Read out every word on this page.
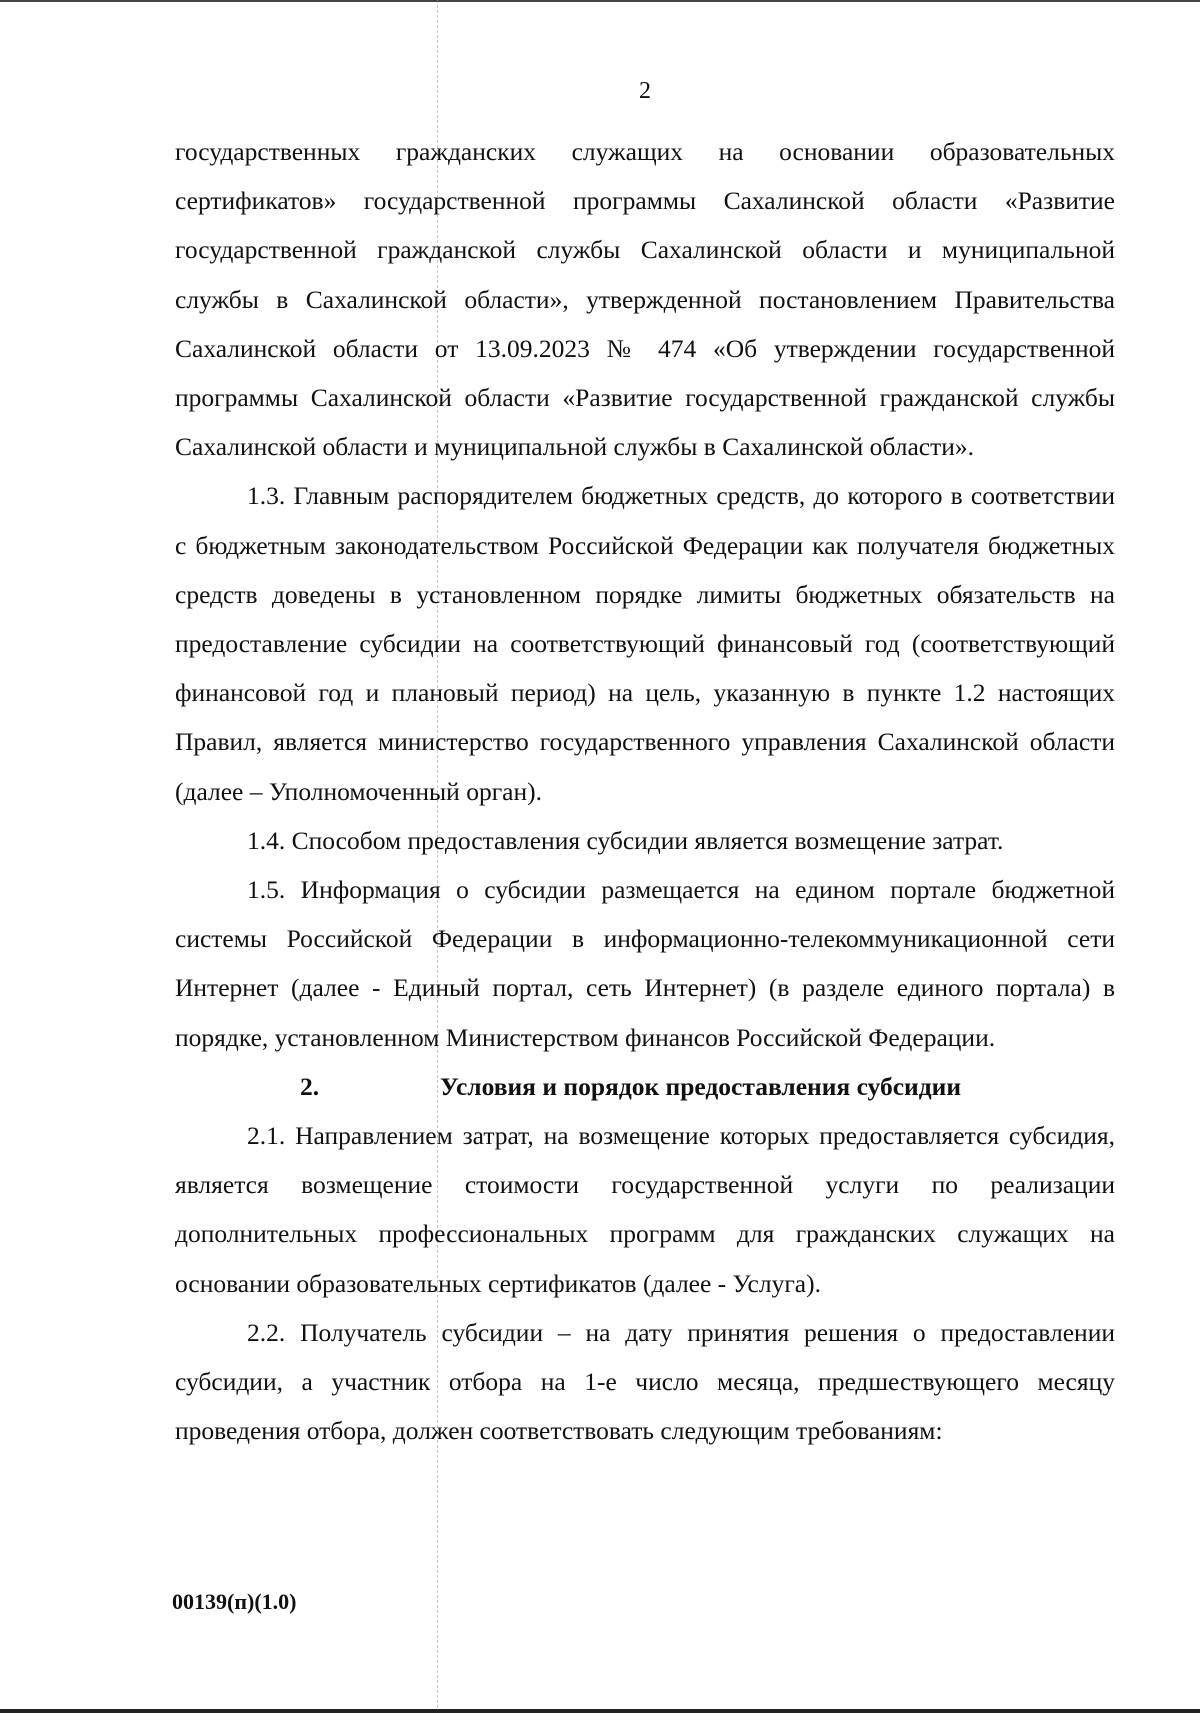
2

государственных гражданских служащих на основании образовательных сертификатов» государственной программы Сахалинской области «Развитие государственной гражданской службы Сахалинской области и муниципальной службы в Сахалинской области», утвержденной постановлением Правительства Сахалинской области от 13.09.2023 № 474 «Об утверждении государственной программы Сахалинской области «Развитие государственной гражданской службы Сахалинской области и муниципальной службы в Сахалинской области».

1.3. Главным распорядителем бюджетных средств, до которого в соответствии с бюджетным законодательством Российской Федерации как получателя бюджетных средств доведены в установленном порядке лимиты бюджетных обязательств на предоставление субсидии на соответствующий финансовый год (соответствующий финансовой год и плановый период) на цель, указанную в пункте 1.2 настоящих Правил, является министерство государственного управления Сахалинской области (далее – Уполномоченный орган).

1.4. Способом предоставления субсидии является возмещение затрат.

1.5. Информация о субсидии размещается на едином портале бюджетной системы Российской Федерации в информационно-телекоммуникационной сети Интернет (далее - Единый портал, сеть Интернет) (в разделе единого портала) в порядке, установленном Министерством финансов Российской Федерации.

2.	Условия и порядок предоставления субсидии

2.1. Направлением затрат, на возмещение которых предоставляется субсидия, является возмещение стоимости государственной услуги по реализации дополнительных профессиональных программ для гражданских служащих на основании образовательных сертификатов (далее - Услуга).

2.2. Получатель субсидии – на дату принятия решения о предоставлении субсидии, а участник отбора на 1-е число месяца, предшествующего месяцу проведения отбора, должен соответствовать следующим требованиям:

00139(п)(1.0)
